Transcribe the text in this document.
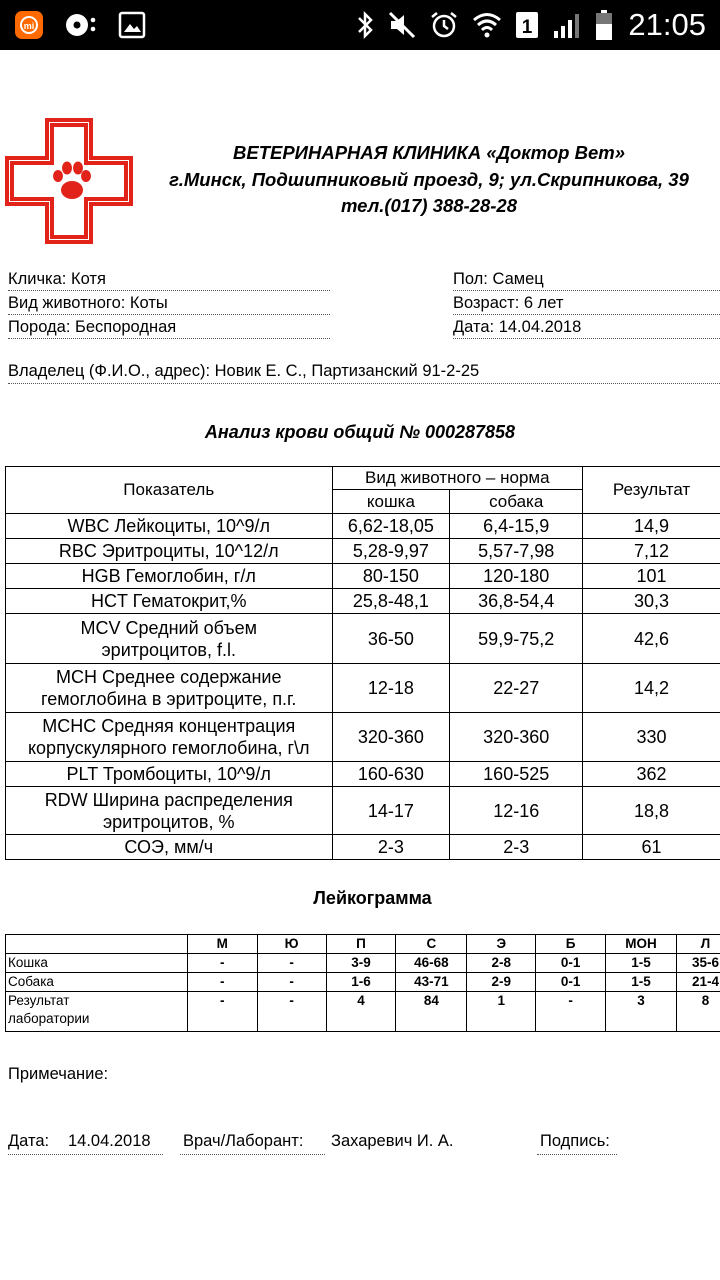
mi	1	21:05
ВЕТЕРИНАРНАЯ КЛИНИКА «Доктор Вет»
г.Минск, Подшипниковый проезд, 9; ул.Скрипникова, 39
тел.(017) 388-28-28
Кличка: Котя
Вид животного: Коты
Порода: Беспородная
Пол: Самец
Возраст: 6 лет
Дата: 14.04.2018
Владелец (Ф.И.О., адрес): Новик Е. С., Партизанский 91-2-25
Анализ крови общий № 000287858
Показатель	Вид животного – норма		Результат
	кошка	собака	
WBC Лейкоциты, 10^9/л	6,62-18,05	6,4-15,9	14,9
RBC Эритроциты, 10^12/л	5,28-9,97	5,57-7,98	7,12
HGB Гемоглобин, г/л	80-150	120-180	101
HCT Гематокрит,%	25,8-48,1	36,8-54,4	30,3

MCV Средний объем
эритроцитов, f.l.	36-50	59,9-75,2	42,6

MCH Среднее содержание
гемоглобина в эритроците, п.г.	12-18	22-27	14,2

MCHC Средняя концентрация
корпускулярного гемоглобина, г\л	320-360	320-360	330
PLT Тромбоциты, 10^9/л	160-630	160-525	362

RDW Ширина распределения
эритроцитов, %	14-17	12-16	18,8
СОЭ, мм/ч	2-3	2-3	61
Лейкограмма
	М	Ю	П	С	Э	Б	МОН	Л
Кошка	-	-	3-9	46-68	2-8	0-1	1-5	35-6
Собака	-	-	1-6	43-71	2-9	0-1	1-5	21-4

Результат
лаборатории	-	-	4	84	1	-	3	8
Примечание:
Дата: 14.04.2018 Врач/Лаборант: Захаревич И. А.	Подпись:
